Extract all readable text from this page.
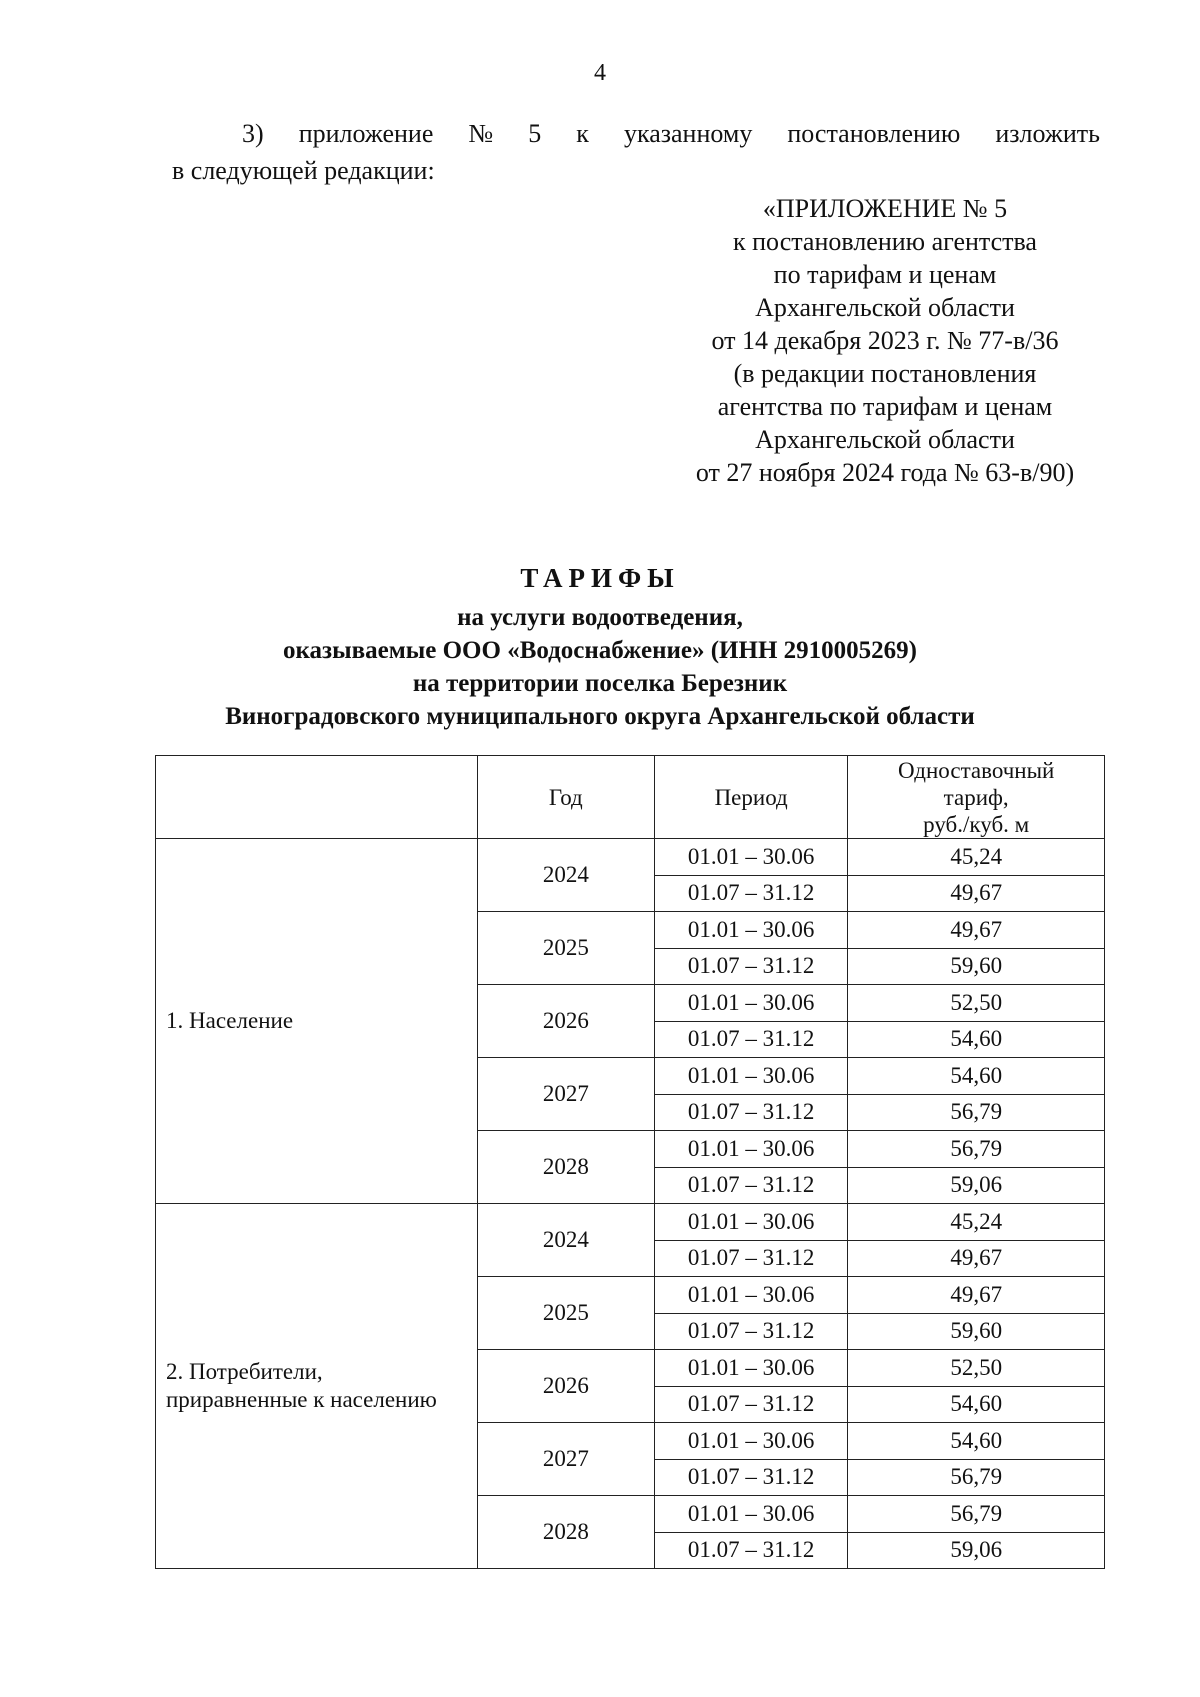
4
3) приложение № 5 к указанному постановлению изложить
в следующей редакции:
«ПРИЛОЖЕНИЕ № 5
к постановлению агентства
по тарифам и ценам
Архангельской области
от 14 декабря 2023 г. № 77-в/36
(в редакции постановления
агентства по тарифам и ценам
Архангельской области
от 27 ноября 2024 года № 63-в/90)
ТАРИФЫ
на услуги водоотведения,
оказываемые ООО «Водоснабжение» (ИНН 2910005269)
на территории поселка Березник
Виноградовского муниципального округа Архангельской области
	Год	Период	Одноставочный
тариф,
руб./куб. м

1. Население	2024	01.01 – 30.06	45,24
		01.07 – 31.12	49,67
	2025	01.01 – 30.06	49,67
		01.07 – 31.12	59,60
	2026	01.01 – 30.06	52,50
		01.07 – 31.12	54,60
	2027	01.01 – 30.06	54,60
		01.07 – 31.12	56,79
	2028	01.01 – 30.06	56,79
		01.07 – 31.12	59,06

2. Потребители,
приравненные к населению	2024	01.01 – 30.06	45,24
		01.07 – 31.12	49,67
	2025	01.01 – 30.06	49,67
		01.07 – 31.12	59,60
	2026	01.01 – 30.06	52,50
		01.07 – 31.12	54,60
	2027	01.01 – 30.06	54,60
		01.07 – 31.12	56,79
	2028	01.01 – 30.06	56,79
		01.07 – 31.12	59,06
